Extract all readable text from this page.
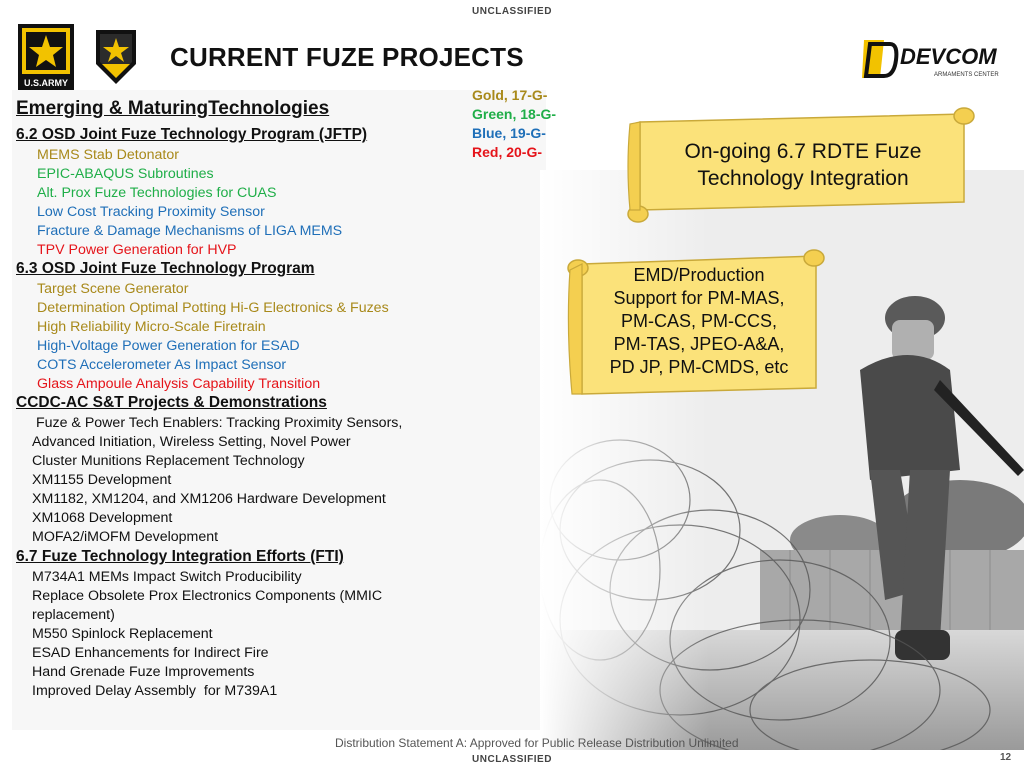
UNCLASSIFIED
U.S.ARMY
CURRENT FUZE PROJECTS	DEVCOM
ARMAMENTS CENTER
Emerging & MaturingTechnologies
Gold, 17-G-
Green, 18-G-
Blue, 19-G-
Red, 20-G-
6.2 OSD Joint Fuze Technology Program (JFTP)
MEMS Stab Detonator
EPIC-ABAQUS Subroutines
Alt. Prox Fuze Technologies for CUAS
Low Cost Tracking Proximity Sensor
Fracture & Damage Mechanisms of LIGA MEMS
TPV Power Generation for HVP
6.3 OSD Joint Fuze Technology Program
Target Scene Generator
Determination Optimal Potting Hi-G Electronics & Fuzes
High Reliability Micro-Scale Firetrain
High-Voltage Power Generation for ESAD
COTS Accelerometer As Impact Sensor
Glass Ampoule Analysis Capability Transition
CCDC-AC S&T Projects & Demonstrations
Fuze & Power Tech Enablers: Tracking Proximity Sensors,
Advanced Initiation, Wireless Setting, Novel Power
Cluster Munitions Replacement Technology
XM1155 Development
XM1182, XM1204, and XM1206 Hardware Development
XM1068 Development
MOFA2/iMOFM Development
6.7 Fuze Technology Integration Efforts (FTI)
M734A1 MEMs Impact Switch Producibility
Replace Obsolete Prox Electronics Components (MMIC
replacement)
M550 Spinlock Replacement
ESAD Enhancements for Indirect Fire
Hand Grenade Fuze Improvements
Improved Delay Assembly  for M739A1
On-going 6.7 RDTE Fuze
Technology Integration
EMD/Production
Support for PM-MAS,
PM-CAS, PM-CCS,
PM-TAS, JPEO-A&A,
PD JP, PM-CMDS, etc
Distribution Statement A: Approved for Public Release Distribution Unlimited
UNCLASSIFIED	12
